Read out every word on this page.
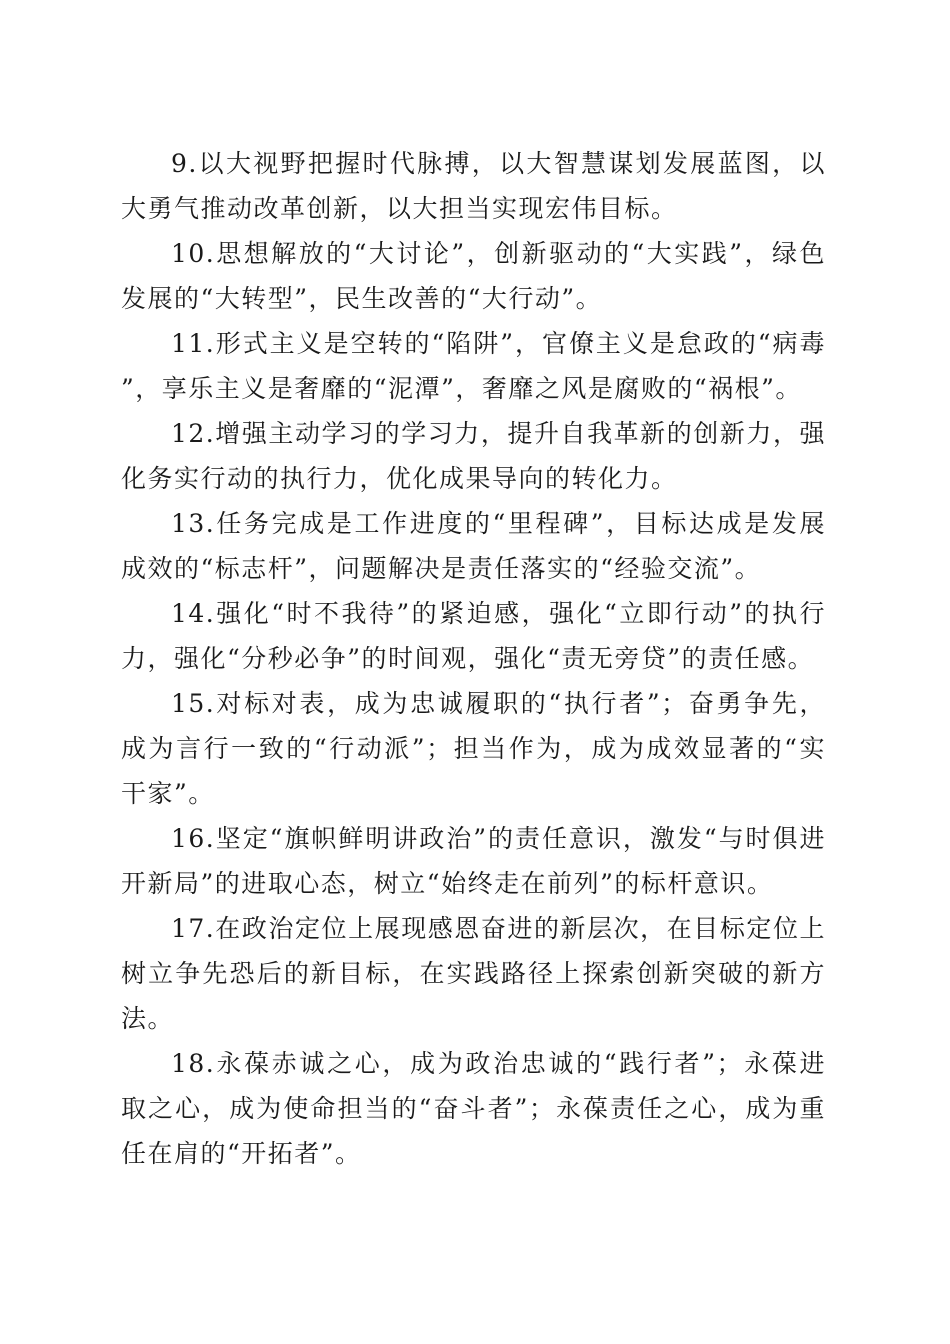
9.以大视野把握时代脉搏，以大智慧谋划发展蓝图，以大勇气推动改革创新，以大担当实现宏伟目标。

10.思想解放的“大讨论”，创新驱动的“大实践”，绿色发展的“大转型”，民生改善的“大行动”。

11.形式主义是空转的“陷阱”，官僚主义是怠政的“病毒”，享乐主义是奢靡的“泥潭”，奢靡之风是腐败的“祸根”。

12.增强主动学习的学习力，提升自我革新的创新力，强化务实行动的执行力，优化成果导向的转化力。

13.任务完成是工作进度的“里程碑”，目标达成是发展成效的“标志杆”，问题解决是责任落实的“经验交流”。

14.强化“时不我待”的紧迫感，强化“立即行动”的执行力，强化“分秒必争”的时间观，强化“责无旁贷”的责任感。

15.对标对表，成为忠诚履职的“执行者”；奋勇争先，成为言行一致的“行动派”；担当作为，成为成效显著的“实干家”。

16.坚定“旗帜鲜明讲政治”的责任意识，激发“与时俱进开新局”的进取心态，树立“始终走在前列”的标杆意识。

17.在政治定位上展现感恩奋进的新层次，在目标定位上树立争先恐后的新目标，在实践路径上探索创新突破的新方法。

18.永葆赤诚之心，成为政治忠诚的“践行者”；永葆进取之心，成为使命担当的“奋斗者”；永葆责任之心，成为重任在肩的“开拓者”。
